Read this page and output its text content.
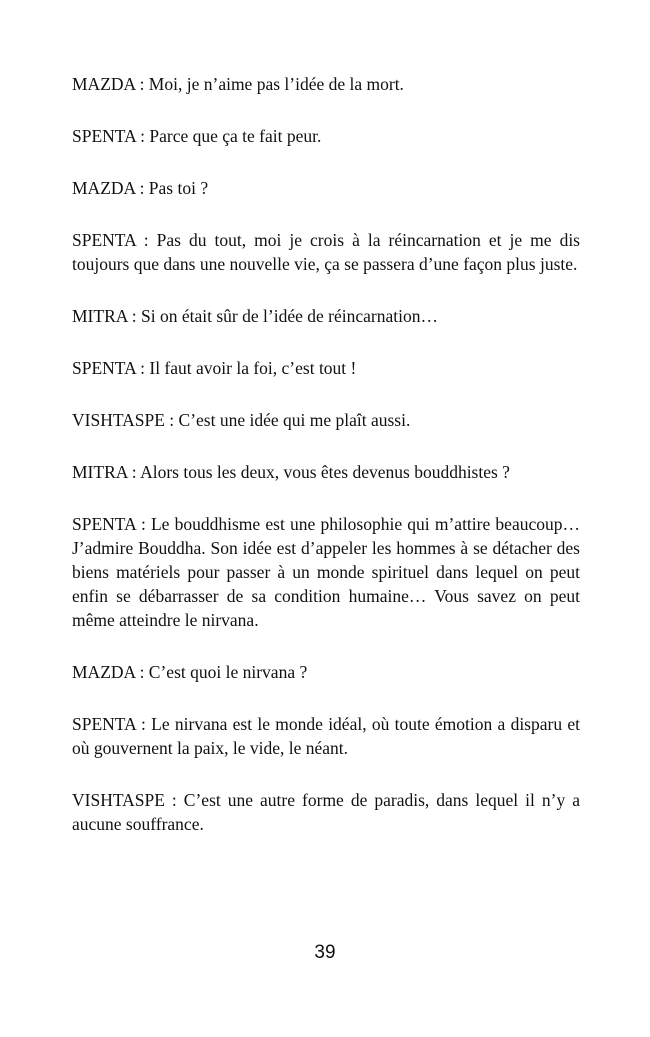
MAZDA : Moi, je n’aime pas l’idée de la mort.

SPENTA : Parce que ça te fait peur.

MAZDA : Pas toi ?

SPENTA : Pas du tout, moi je crois à la réincarnation et je me dis toujours que dans une nouvelle vie, ça se passera d’une façon plus juste.

MITRA : Si on était sûr de l’idée de réincarnation…

SPENTA : Il faut avoir la foi, c’est tout !

VISHTASPE : C’est une idée qui me plaît aussi.

MITRA : Alors tous les deux, vous êtes devenus bouddhistes ?

SPENTA : Le bouddhisme est une philosophie qui m’attire beaucoup… J’admire Bouddha. Son idée est d’appeler les hommes à se détacher des biens matériels pour passer à un monde spirituel dans lequel on peut enfin se débarrasser de sa condition humaine… Vous savez on peut même atteindre le nirvana.

MAZDA : C’est quoi le nirvana ?

SPENTA : Le nirvana est le monde idéal, où toute émotion a disparu et où gouvernent la paix, le vide, le néant.

VISHTASPE : C’est une autre forme de paradis, dans lequel il n’y a aucune souffrance.

39
